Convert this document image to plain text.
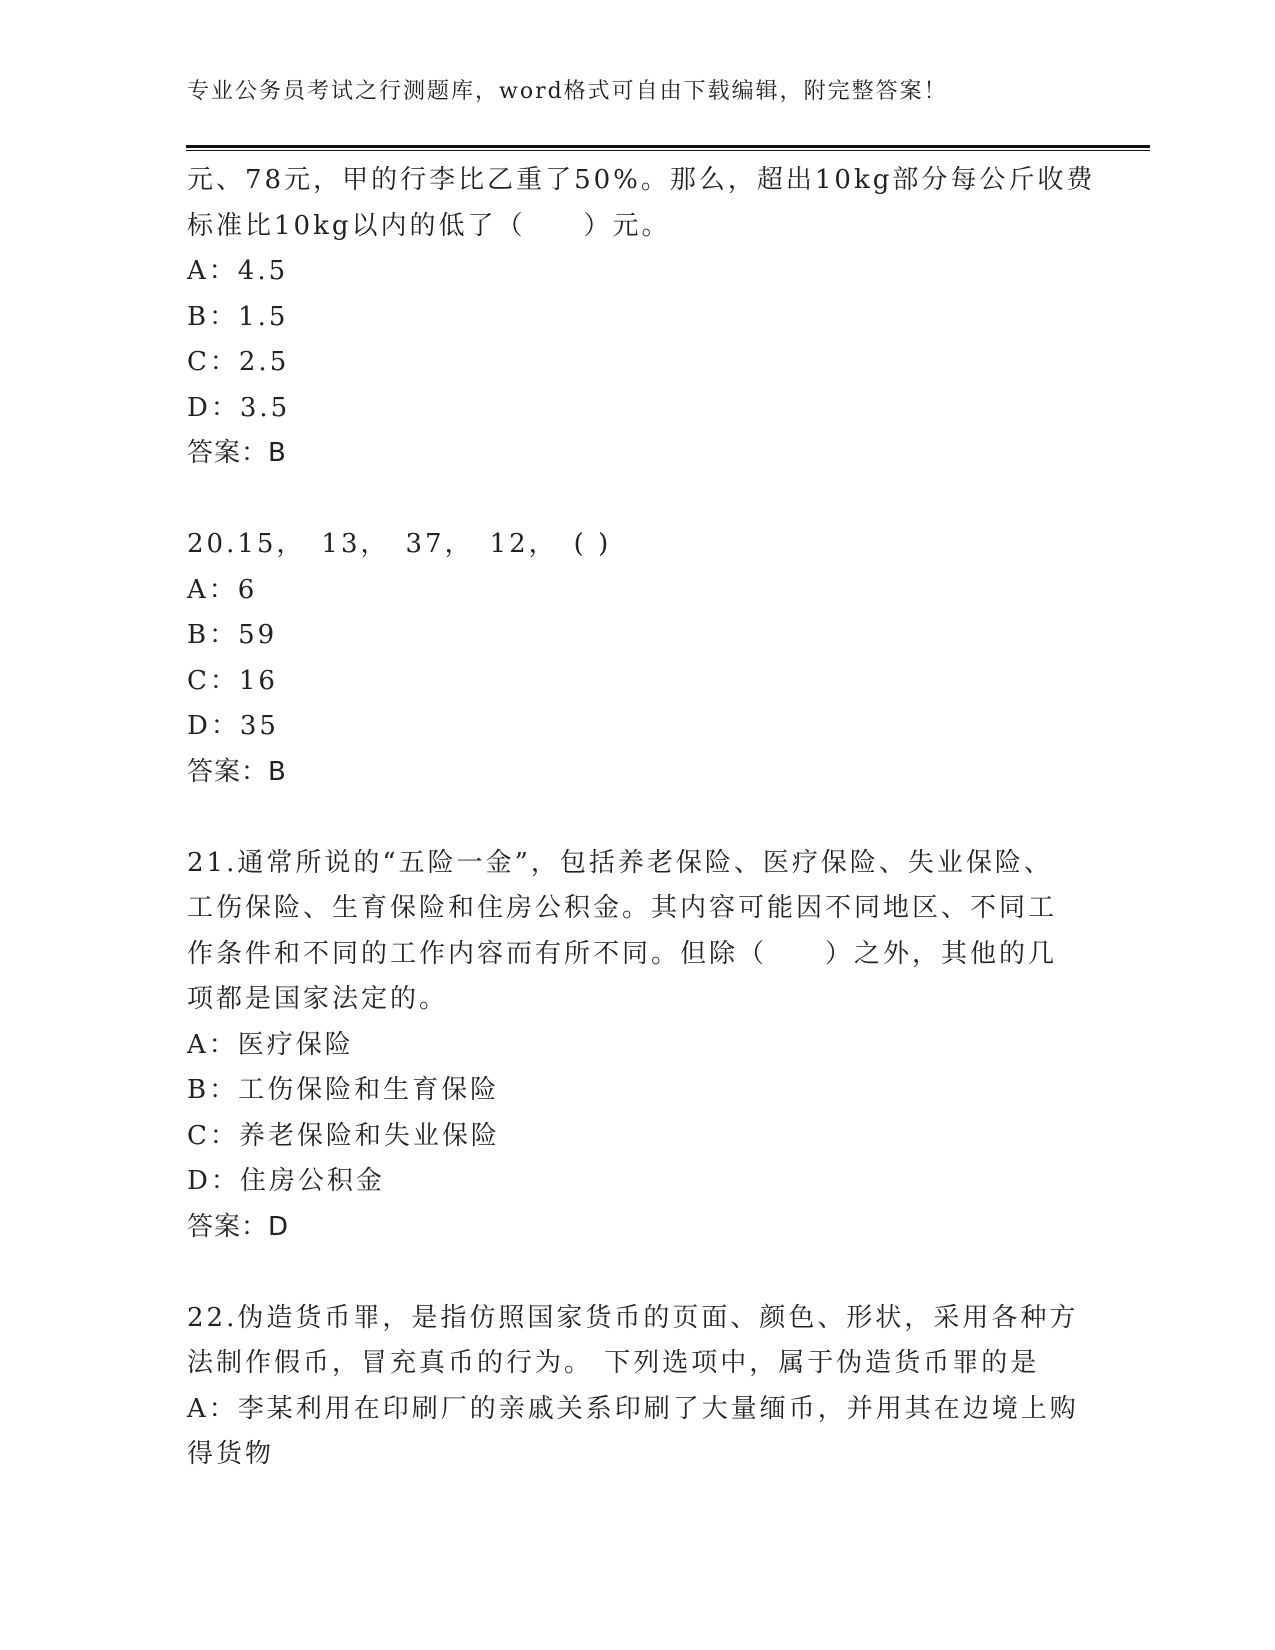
专业公务员考试之行测题库，word格式可自由下载编辑，附完整答案！
元、78元，甲的行李比乙重了50%。那么，超出10kg部分每公斤收费
标准比10kg以内的低了（　　）元。
A：4.5
B：1.5
C：2.5
D：3.5
答案：B
20.15，　13，　37，　12，　( )
A：6
B：59
C：16
D：35
答案：B
21.通常所说的“五险一金”，包括养老保险、医疗保险、失业保险、
工伤保险、生育保险和住房公积金。其内容可能因不同地区、不同工
作条件和不同的工作内容而有所不同。但除（　　）之外，其他的几
项都是国家法定的。
A：医疗保险
B：工伤保险和生育保险
C：养老保险和失业保险
D：住房公积金
答案：D
22.伪造货币罪，是指仿照国家货币的页面、颜色、形状，采用各种方
法制作假币，冒充真币的行为。 下列选项中，属于伪造货币罪的是
A：李某利用在印刷厂的亲戚关系印刷了大量缅币，并用其在边境上购
得货物
